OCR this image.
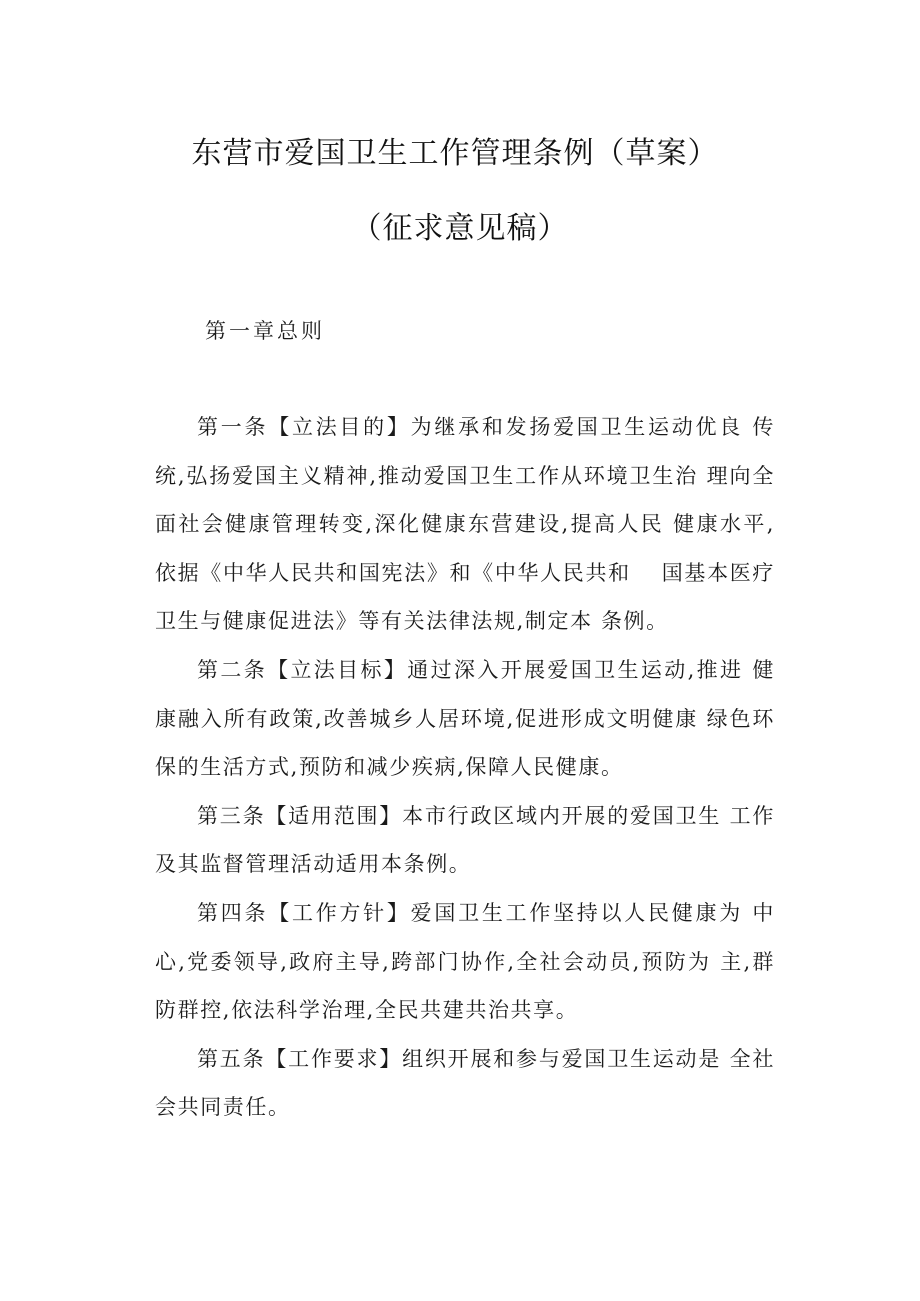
东营市爱国卫生工作管理条例（草案）
（征求意见稿）
第一章总则

第一条【立法目的】为继承和发扬爱国卫生运动优良 传统,弘扬爱国主义精神,推动爱国卫生工作从环境卫生治 理向全面社会健康管理转变,深化健康东营建设,提高人民 健康水平,依据《中华人民共和国宪法》和《中华人民共和　 国基本医疗卫生与健康促进法》等有关法律法规,制定本 条例。

第二条【立法目标】通过深入开展爱国卫生运动,推进 健康融入所有政策,改善城乡人居环境,促进形成文明健康 绿色环保的生活方式,预防和减少疾病,保障人民健康。

第三条【适用范围】本市行政区域内开展的爱国卫生 工作及其监督管理活动适用本条例。

第四条【工作方针】爱国卫生工作坚持以人民健康为 中心,党委领导,政府主导,跨部门协作,全社会动员,预防为 主,群防群控,依法科学治理,全民共建共治共享。

第五条【工作要求】组织开展和参与爱国卫生运动是 全社会共同责任。
